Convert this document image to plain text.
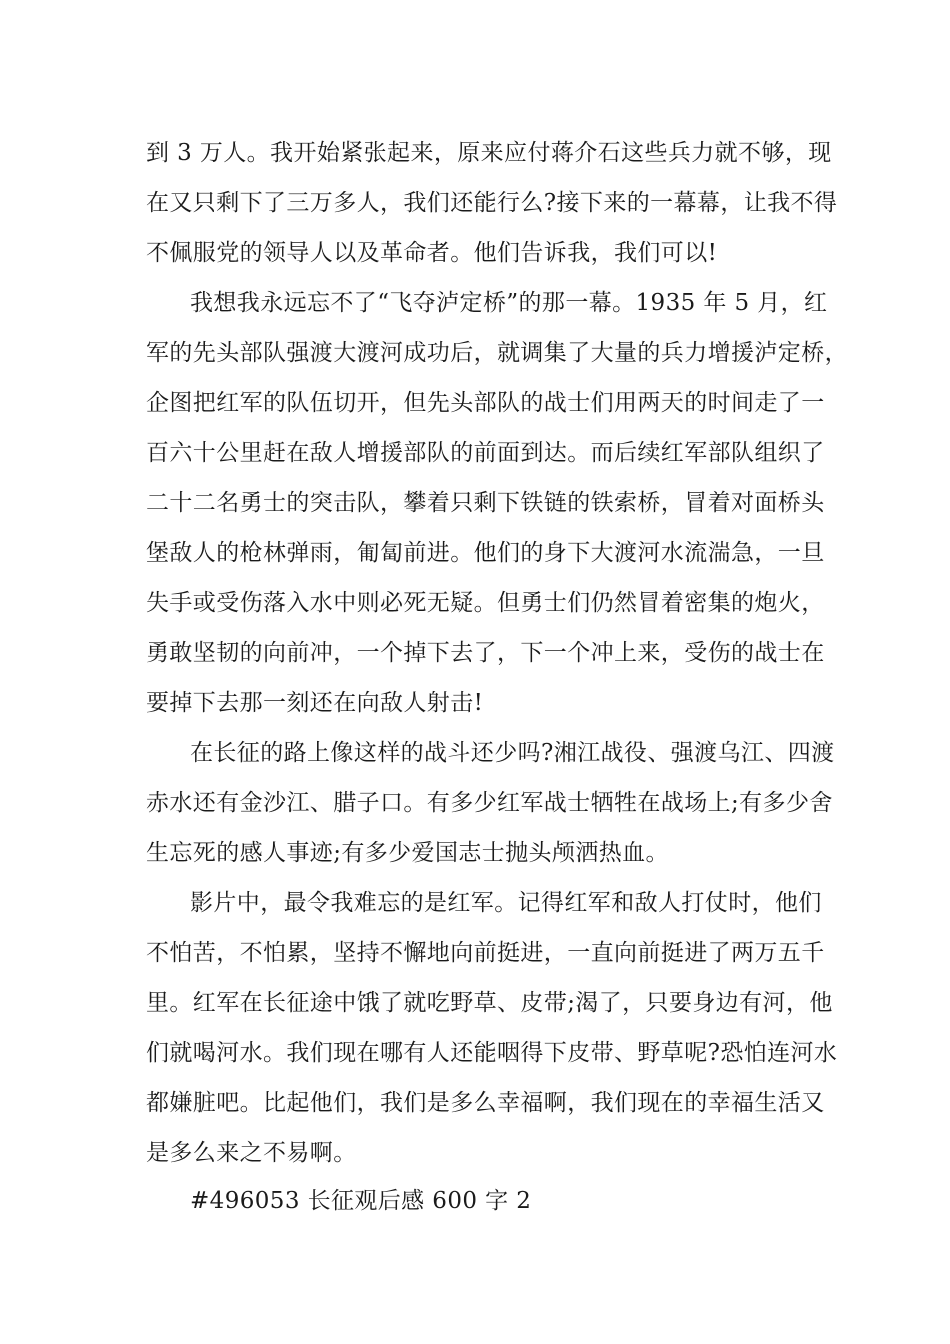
到 3 万人。我开始紧张起来，原来应付蒋介石这些兵力就不够，现
在又只剩下了三万多人，我们还能行么?接下来的一幕幕，让我不得
不佩服党的领导人以及革命者。他们告诉我，我们可以!
我想我永远忘不了“飞夺泸定桥”的那一幕。1935 年 5 月，红
军的先头部队强渡大渡河成功后，就调集了大量的兵力增援泸定桥，
企图把红军的队伍切开，但先头部队的战士们用两天的时间走了一
百六十公里赶在敌人增援部队的前面到达。而后续红军部队组织了
二十二名勇士的突击队，攀着只剩下铁链的铁索桥，冒着对面桥头
堡敌人的枪林弹雨，匍匐前进。他们的身下大渡河水流湍急，一旦
失手或受伤落入水中则必死无疑。但勇士们仍然冒着密集的炮火，
勇敢坚韧的向前冲，一个掉下去了，下一个冲上来，受伤的战士在
要掉下去那一刻还在向敌人射击!
在长征的路上像这样的战斗还少吗?湘江战役、强渡乌江、四渡
赤水还有金沙江、腊子口。有多少红军战士牺牲在战场上;有多少舍
生忘死的感人事迹;有多少爱国志士抛头颅洒热血。
影片中，最令我难忘的是红军。记得红军和敌人打仗时，他们
不怕苦，不怕累，坚持不懈地向前挺进，一直向前挺进了两万五千
里。红军在长征途中饿了就吃野草、皮带;渴了，只要身边有河，他
们就喝河水。我们现在哪有人还能咽得下皮带、野草呢?恐怕连河水
都嫌脏吧。比起他们，我们是多么幸福啊，我们现在的幸福生活又
是多么来之不易啊。
#496053 长征观后感 600 字 2
